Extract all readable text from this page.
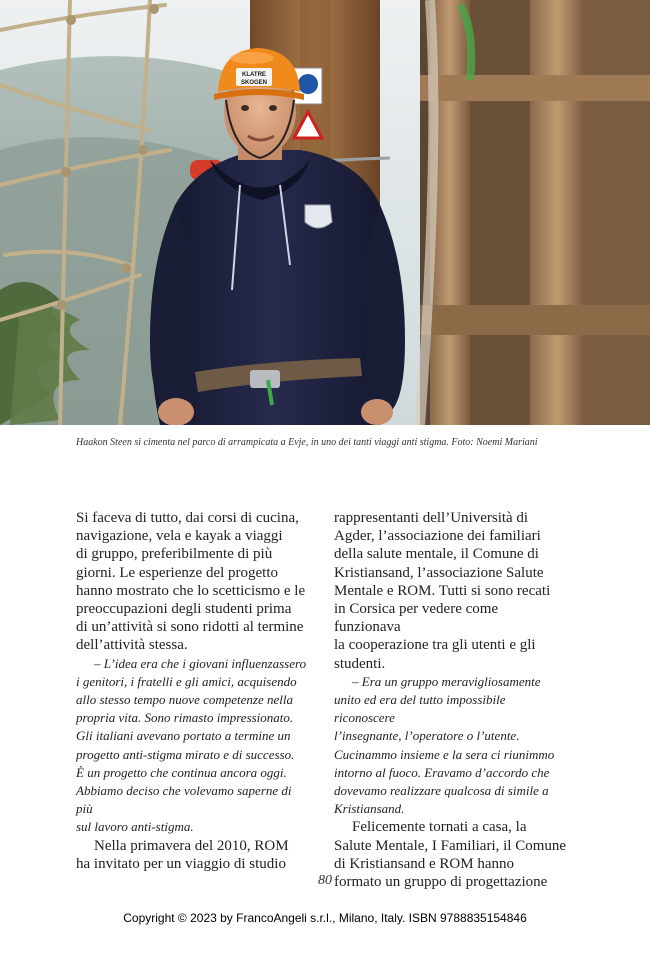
KLATRE
SKOGEN
Haakon Steen si cimenta nel parco di arrampicata a Evje, in uno dei tanti viaggi anti stigma. Foto: Noemi Mariani

Si faceva di tutto, dai corsi di cucina,
navigazione, vela e kayak a viaggi
di gruppo, preferibilmente di più
giorni. Le esperienze del progetto
hanno mostrato che lo scetticismo e le
preoccupazioni degli studenti prima
di un’attività si sono ridotti al termine
dell’attività stessa.

– L’idea era che i giovani influenzassero
i genitori, i fratelli e gli amici, acquisendo
allo stesso tempo nuove competenze nella
propria vita. Sono rimasto impressionato.
Gli italiani avevano portato a termine un
progetto anti-stigma mirato e di successo.
È un progetto che continua ancora oggi.
Abbiamo deciso che volevamo saperne di più
sul lavoro anti-stigma.

Nella primavera del 2010, ROM
ha invitato per un viaggio di studio

rappresentanti dell’Università di
Agder, l’associazione dei familiari
della salute mentale, il Comune di
Kristiansand, l’associazione Salute
Mentale e ROM. Tutti si sono recati
in Corsica per vedere come funzionava
la cooperazione tra gli utenti e gli
studenti.

– Era un gruppo meravigliosamente
unito ed era del tutto impossibile riconoscere
l’insegnante, l’operatore o l’utente.
Cucinammo insieme e la sera ci riunimmo
intorno al fuoco. Eravamo d’accordo che
dovevamo realizzare qualcosa di simile a
Kristiansand.

Felicemente tornati a casa, la
Salute Mentale, I Familiari, il Comune
di Kristiansand e ROM hanno
formato un gruppo di progettazione

80
Copyright © 2023 by FrancoAngeli s.r.l., Milano, Italy. ISBN 9788835154846
